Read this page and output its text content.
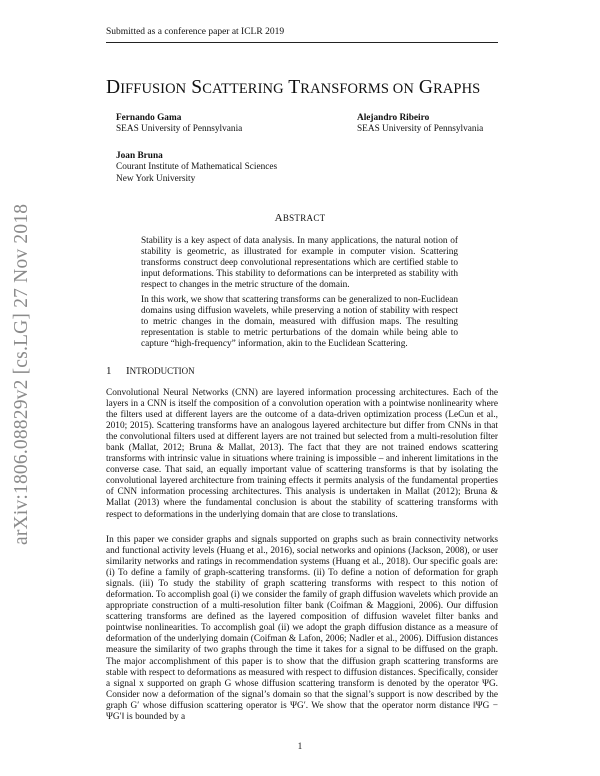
Submitted as a conference paper at ICLR 2019
DIFFUSION SCATTERING TRANSFORMS ON GRAPHS
Fernando Gama
SEAS University of Pennsylvania
Alejandro Ribeiro
SEAS University of Pennsylvania
Joan Bruna
Courant Institute of Mathematical Sciences
New York University
ABSTRACT
Stability is a key aspect of data analysis. In many applications, the natural notion of stability is geometric, as illustrated for example in computer vision. Scattering transforms construct deep convolutional representations which are certified stable to input deformations. This stability to deformations can be interpreted as stability with respect to changes in the metric structure of the domain.
In this work, we show that scattering transforms can be generalized to non-Euclidean domains using diffusion wavelets, while preserving a notion of stability with respect to metric changes in the domain, measured with diffusion maps. The resulting representation is stable to metric perturbations of the domain while being able to capture “high-frequency” information, akin to the Euclidean Scattering.
1 INTRODUCTION
Convolutional Neural Networks (CNN) are layered information processing architectures. Each of the layers in a CNN is itself the composition of a convolution operation with a pointwise nonlinearity where the filters used at different layers are the outcome of a data-driven optimization process (LeCun et al., 2010; 2015). Scattering transforms have an analogous layered architecture but differ from CNNs in that the convolutional filters used at different layers are not trained but selected from a multi-resolution filter bank (Mallat, 2012; Bruna & Mallat, 2013). The fact that they are not trained endows scattering transforms with intrinsic value in situations where training is impossible – and inherent limitations in the converse case. That said, an equally important value of scattering transforms is that by isolating the convolutional layered architecture from training effects it permits analysis of the fundamental properties of CNN information processing architectures. This analysis is undertaken in Mallat (2012); Bruna & Mallat (2013) where the fundamental conclusion is about the stability of scattering transforms with respect to deformations in the underlying domain that are close to translations.
In this paper we consider graphs and signals supported on graphs such as brain connectivity networks and functional activity levels (Huang et al., 2016), social networks and opinions (Jackson, 2008), or user similarity networks and ratings in recommendation systems (Huang et al., 2018). Our specific goals are: (i) To define a family of graph-scattering transforms. (ii) To define a notion of deformation for graph signals. (iii) To study the stability of graph scattering transforms with respect to this notion of deformation. To accomplish goal (i) we consider the family of graph diffusion wavelets which provide an appropriate construction of a multi-resolution filter bank (Coifman & Maggioni, 2006). Our diffusion scattering transforms are defined as the layered composition of diffusion wavelet filter banks and pointwise nonlinearities. To accomplish goal (ii) we adopt the graph diffusion distance as a measure of deformation of the underlying domain (Coifman & Lafon, 2006; Nadler et al., 2006). Diffusion distances measure the similarity of two graphs through the time it takes for a signal to be diffused on the graph. The major accomplishment of this paper is to show that the diffusion graph scattering transforms are stable with respect to deformations as measured with respect to diffusion distances. Specifically, consider a signal x supported on graph G whose diffusion scattering transform is denoted by the operator ΨG. Consider now a deformation of the signal’s domain so that the signal’s support is now described by the graph G′ whose diffusion scattering operator is ΨG′. We show that the operator norm distance ‖ΨG − ΨG′‖ is bounded by a
arXiv:1806.08829v2 [cs.LG] 27 Nov 2018
1
